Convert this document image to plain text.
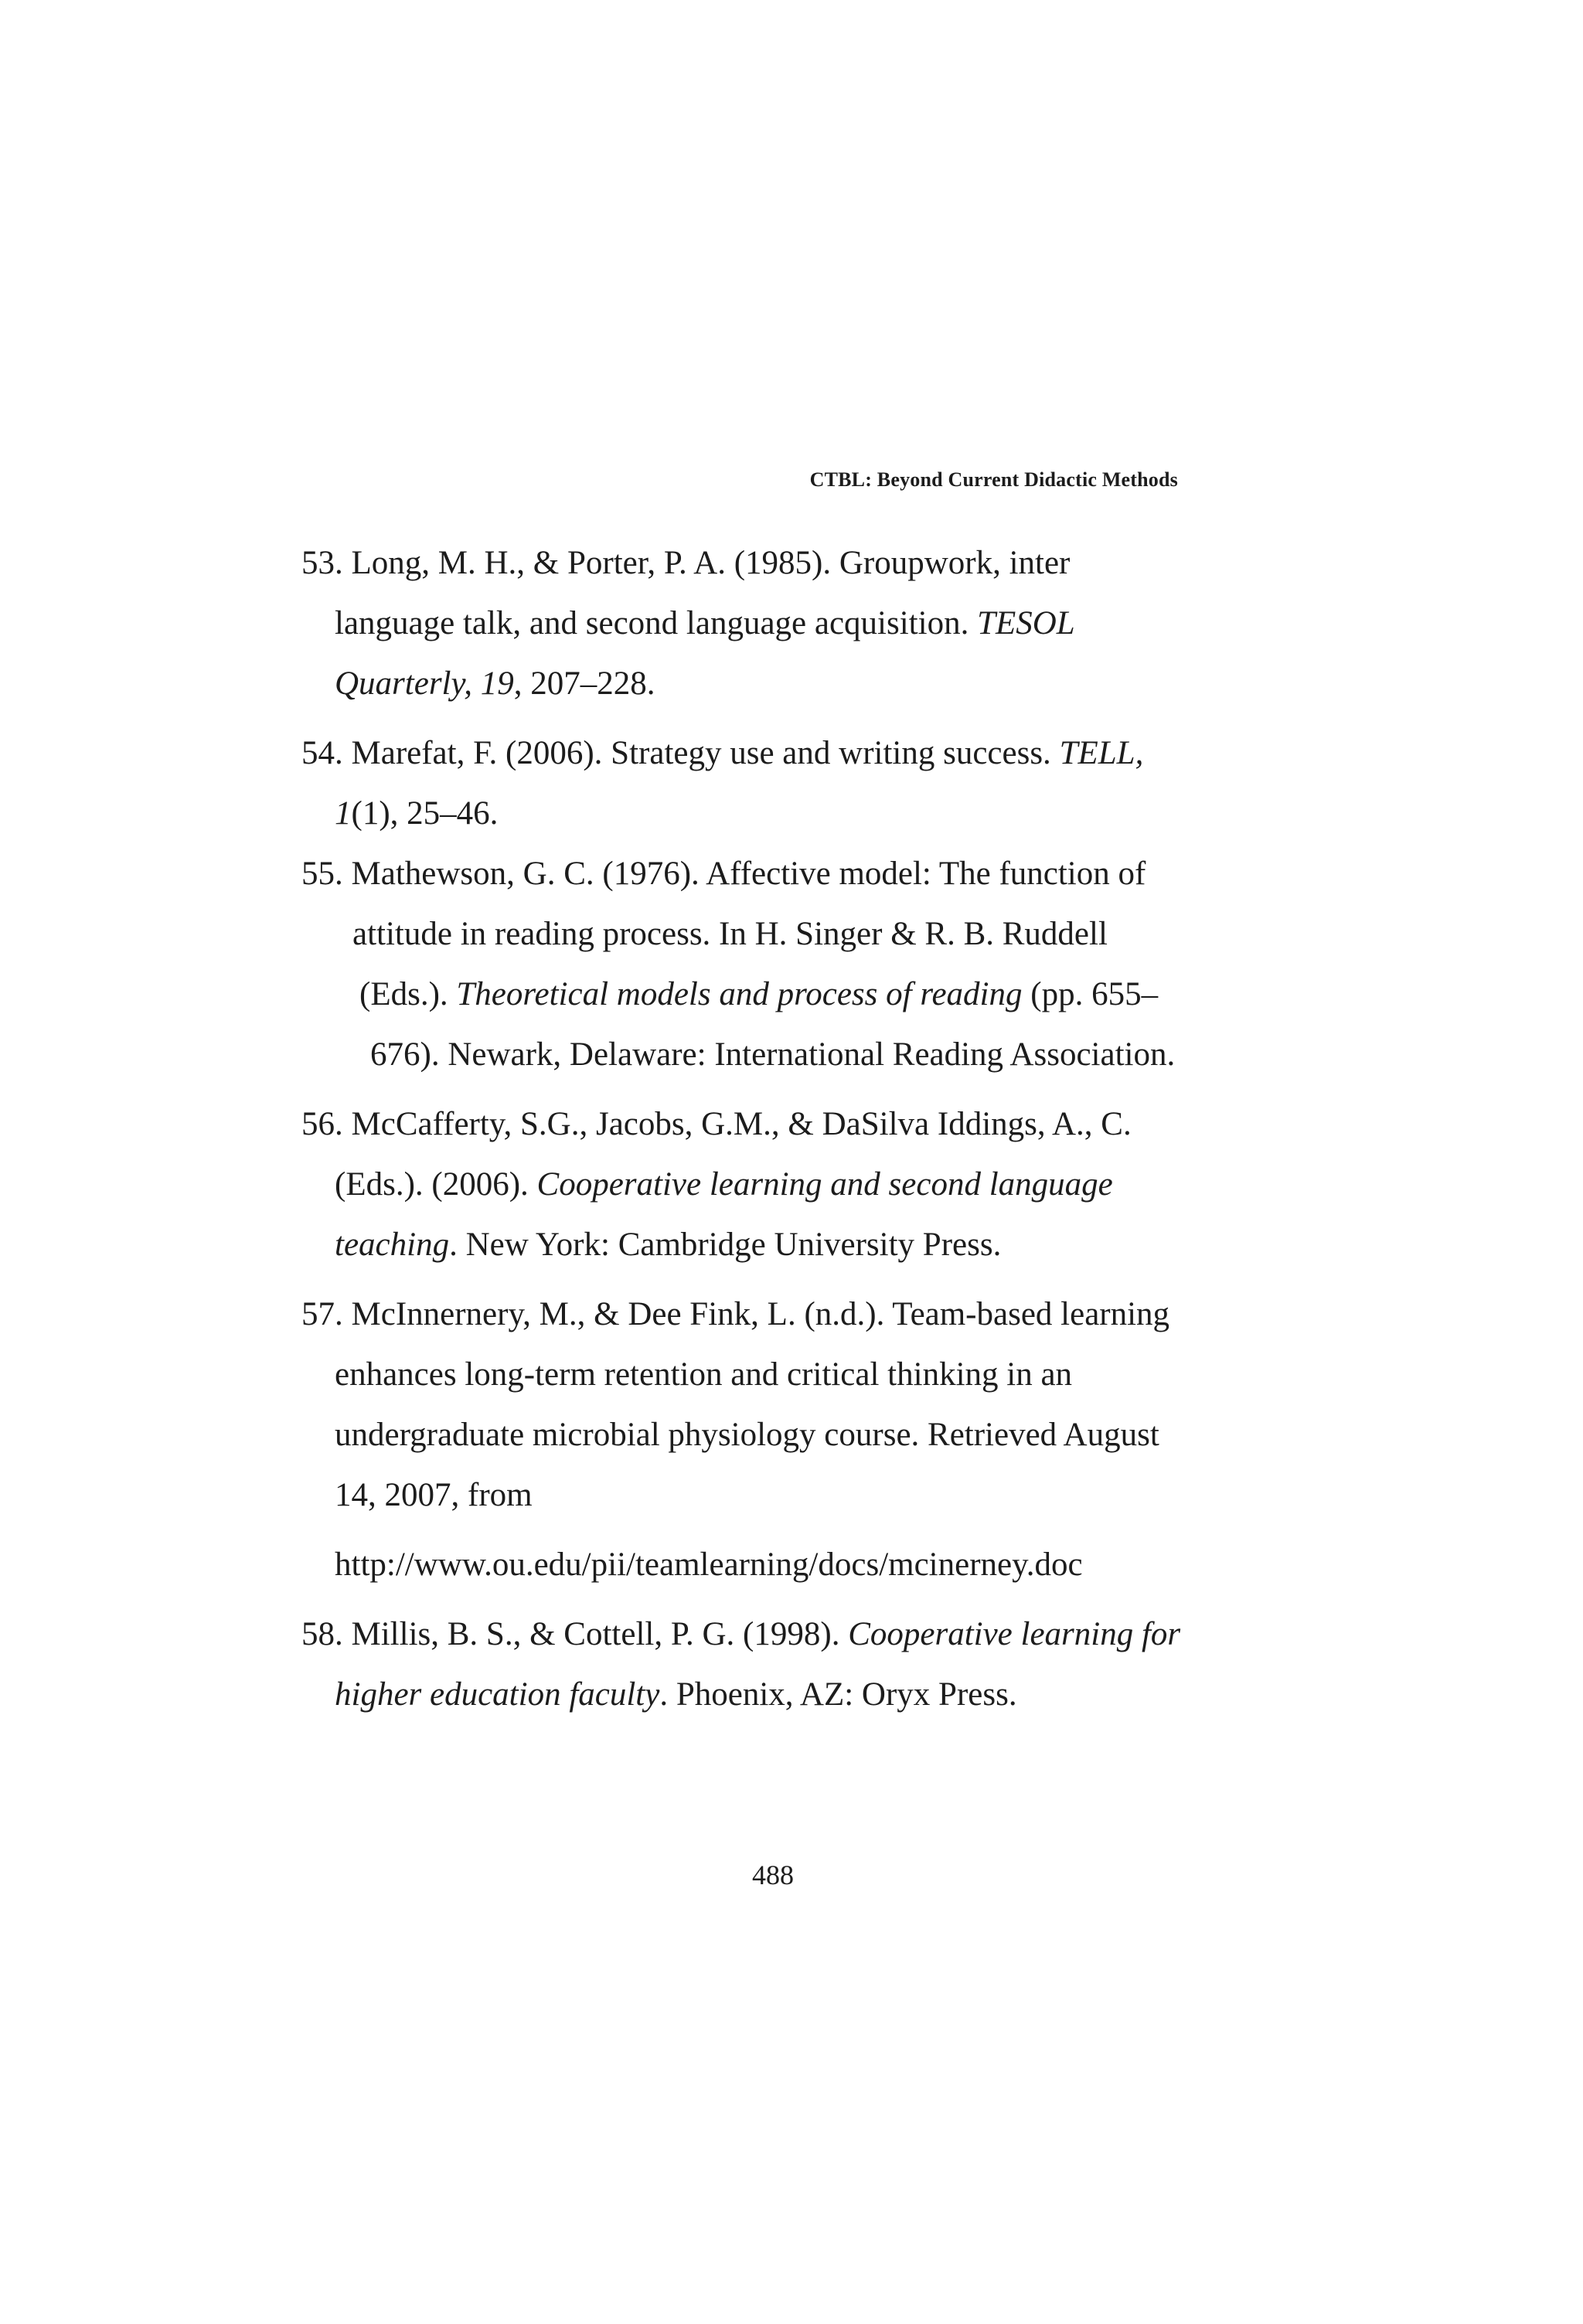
CTBL: Beyond Current Didactic Methods

53. Long, M. H., & Porter, P. A. (1985). Groupwork, inter
language talk, and second language acquisition. TESOL
Quarterly, 19, 207–228.

54. Marefat, F. (2006). Strategy use and writing success. TELL,
1(1), 25–46.

55. Mathewson, G. C. (1976). Affective model: The function of
attitude in reading process. In H. Singer & R. B. Ruddell
(Eds.). Theoretical models and process of reading (pp. 655–
676). Newark, Delaware: International Reading Association.

56. McCafferty, S.G., Jacobs, G.M., & DaSilva Iddings, A., C.
(Eds.). (2006). Cooperative learning and second language
teaching. New York: Cambridge University Press.

57. McInnernery, M., & Dee Fink, L. (n.d.). Team-based learning
enhances long-term retention and critical thinking in an
undergraduate microbial physiology course. Retrieved August
14, 2007, from
http://www.ou.edu/pii/teamlearning/docs/mcinerney.doc

58. Millis, B. S., & Cottell, P. G. (1998). Cooperative learning for
higher education faculty. Phoenix, AZ: Oryx Press.

488
